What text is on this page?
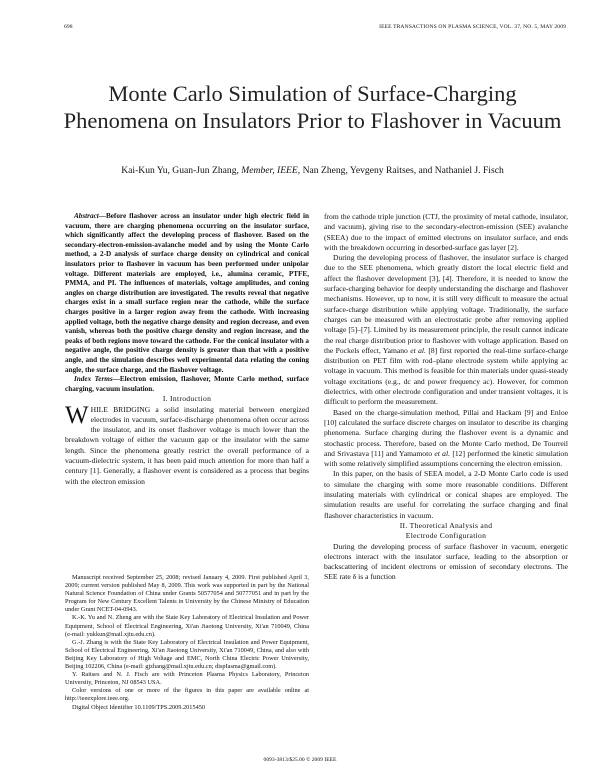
698	IEEE TRANSACTIONS ON PLASMA SCIENCE, VOL. 37, NO. 5, MAY 2009
Monte Carlo Simulation of Surface-Charging Phenomena on Insulators Prior to Flashover in Vacuum
Kai-Kun Yu, Guan-Jun Zhang, Member, IEEE, Nan Zheng, Yevgeny Raitses, and Nathaniel J. Fisch

Abstract—Before flashover across an insulator under high electric field in vacuum, there are charging phenomena occurring on the insulator surface, which significantly affect the developing process of flashover. Based on the secondary-electron-emission-avalanche model and by using the Monte Carlo method, a 2-D analysis of surface charge density on cylindrical and conical insulators prior to flashover in vacuum has been performed under unipolar voltage. Different materials are employed, i.e., alumina ceramic, PTFE, PMMA, and PI. The influences of materials, voltage amplitudes, and coning angles on charge distribution are investigated. The results reveal that negative charges exist in a small surface region near the cathode, while the surface charges positive in a larger region away from the cathode. With increasing applied voltage, both the negative charge density and region decrease, and even vanish, whereas both the positive charge density and region increase, and the peaks of both regions move toward the cathode. For the conical insulator with a negative angle, the positive charge density is greater than that with a positive angle, and the simulation describes well experimental data relating the coning angle, the surface charge, and the flashover voltage.

Index Terms—Electron emission, flashover, Monte Carlo method, surface charging, vacuum insulation.

I. Introduction

WHILE BRIDGING a solid insulating material between energized electrodes in vacuum, surface-discharge phenomena often occur across the insulator, and its onset flashover voltage is much lower than the breakdown voltage of either the vacuum gap or the insulator with the same length. Since the phenomena greatly restrict the overall performance of a vacuum-dielectric system, it has been paid much attention for more than half a century [1]. Generally, a flashover event is considered as a process that begins with the electron emission

Manuscript received September 25, 2008; revised January 4, 2009. First published April 3, 2009; current version published May 8, 2009. This work was supported in part by the National Natural Science Foundation of China under Grants 50577054 and 50777051 and in part by the Program for New Century Excellent Talents in University by the Chinese Ministry of Education under Grant NCET-04-0943.

K.-K. Yu and N. Zheng are with the State Key Laboratory of Electrical Insulation and Power Equipment, School of Electrical Engineering, Xi'an Jiaotong University, Xi'an 710049, China (e-mail: yukkun@mail.xjtu.edu.cn).

G.-J. Zhang is with the State Key Laboratory of Electrical Insulation and Power Equipment, School of Electrical Engineering, Xi'an Jiaotong University, Xi'an 710049, China, and also with Beijing Key Laboratory of High Voltage and EMC, North China Electric Power University, Beijing 102206, China (e-mail: gjzhang@mail.xjtu.edu.cn; dispIasma@gmail.com).

Y. Raitses and N. J. Fisch are with Princeton Plasma Physics Laboratory, Princeton University, Princeton, NJ 08543 USA.

Color versions of one or more of the figures in this paper are available online at http://ieeexplore.ieee.org.

Digital Object Identifier 10.1109/TPS.2009.2015450

from the cathode triple junction (CTJ, the proximity of metal cathode, insulator, and vacuum), giving rise to the secondary-electron-emission (SEE) avalanche (SEEA) due to the impact of emitted electrons on insulator surface, and ends with the breakdown occurring in desorbed-surface gas layer [2].

During the developing process of flashover, the insulator surface is charged due to the SEE phenomena, which greatly distort the local electric field and affect the flashover development [3], [4]. Therefore, it is needed to know the surface-charging behavior for deeply understanding the discharge and flashover mechanisms. However, up to now, it is still very difficult to measure the actual surface-charge distribution while applying voltage. Traditionally, the surface charges can be measured with an electrostatic probe after removing applied voltage [5]–[7]. Limited by its measurement principle, the result cannot indicate the real charge distribution prior to flashover with voltage application. Based on the Pockels effect, Yamano et al. [8] first reported the real-time surface-charge distribution on PET film with rod–plane electrode system while applying ac voltage in vacuum. This method is feasible for thin materials under quasi-steady voltage excitations (e.g., dc and power frequency ac). However, for common dielectrics, with other electrode configuration and under transient voltages, it is difficult to perform the measurement.

Based on the charge-simulation method, Pillai and Hackam [9] and Enloe [10] calculated the surface discrete charges on insulator to describe its charging phenomena. Surface charging during the flashover event is a dynamic and stochastic process. Therefore, based on the Monte Carlo method, De Tourreil and Srivastava [11] and Yamamoto et al. [12] performed the kinetic simulation with some relatively simplified assumptions concerning the electron emission.

In this paper, on the basis of SEEA model, a 2-D Monte Carlo code is used to simulate the charging with some more reasonable conditions. Different insulating materials with cylindrical or conical shapes are employed. The simulation results are useful for correlating the surface charging and final flashover characteristics in vacuum.

II. Theoretical Analysis and

Electrode Configuration

During the developing process of surface flashover in vacuum, energetic electrons interact with the insulator surface, leading to the absorption or backscattering of incident electrons or emission of secondary electrons. The SEE rate δ is a function

0093-3813/$25.00 © 2009 IEEE
